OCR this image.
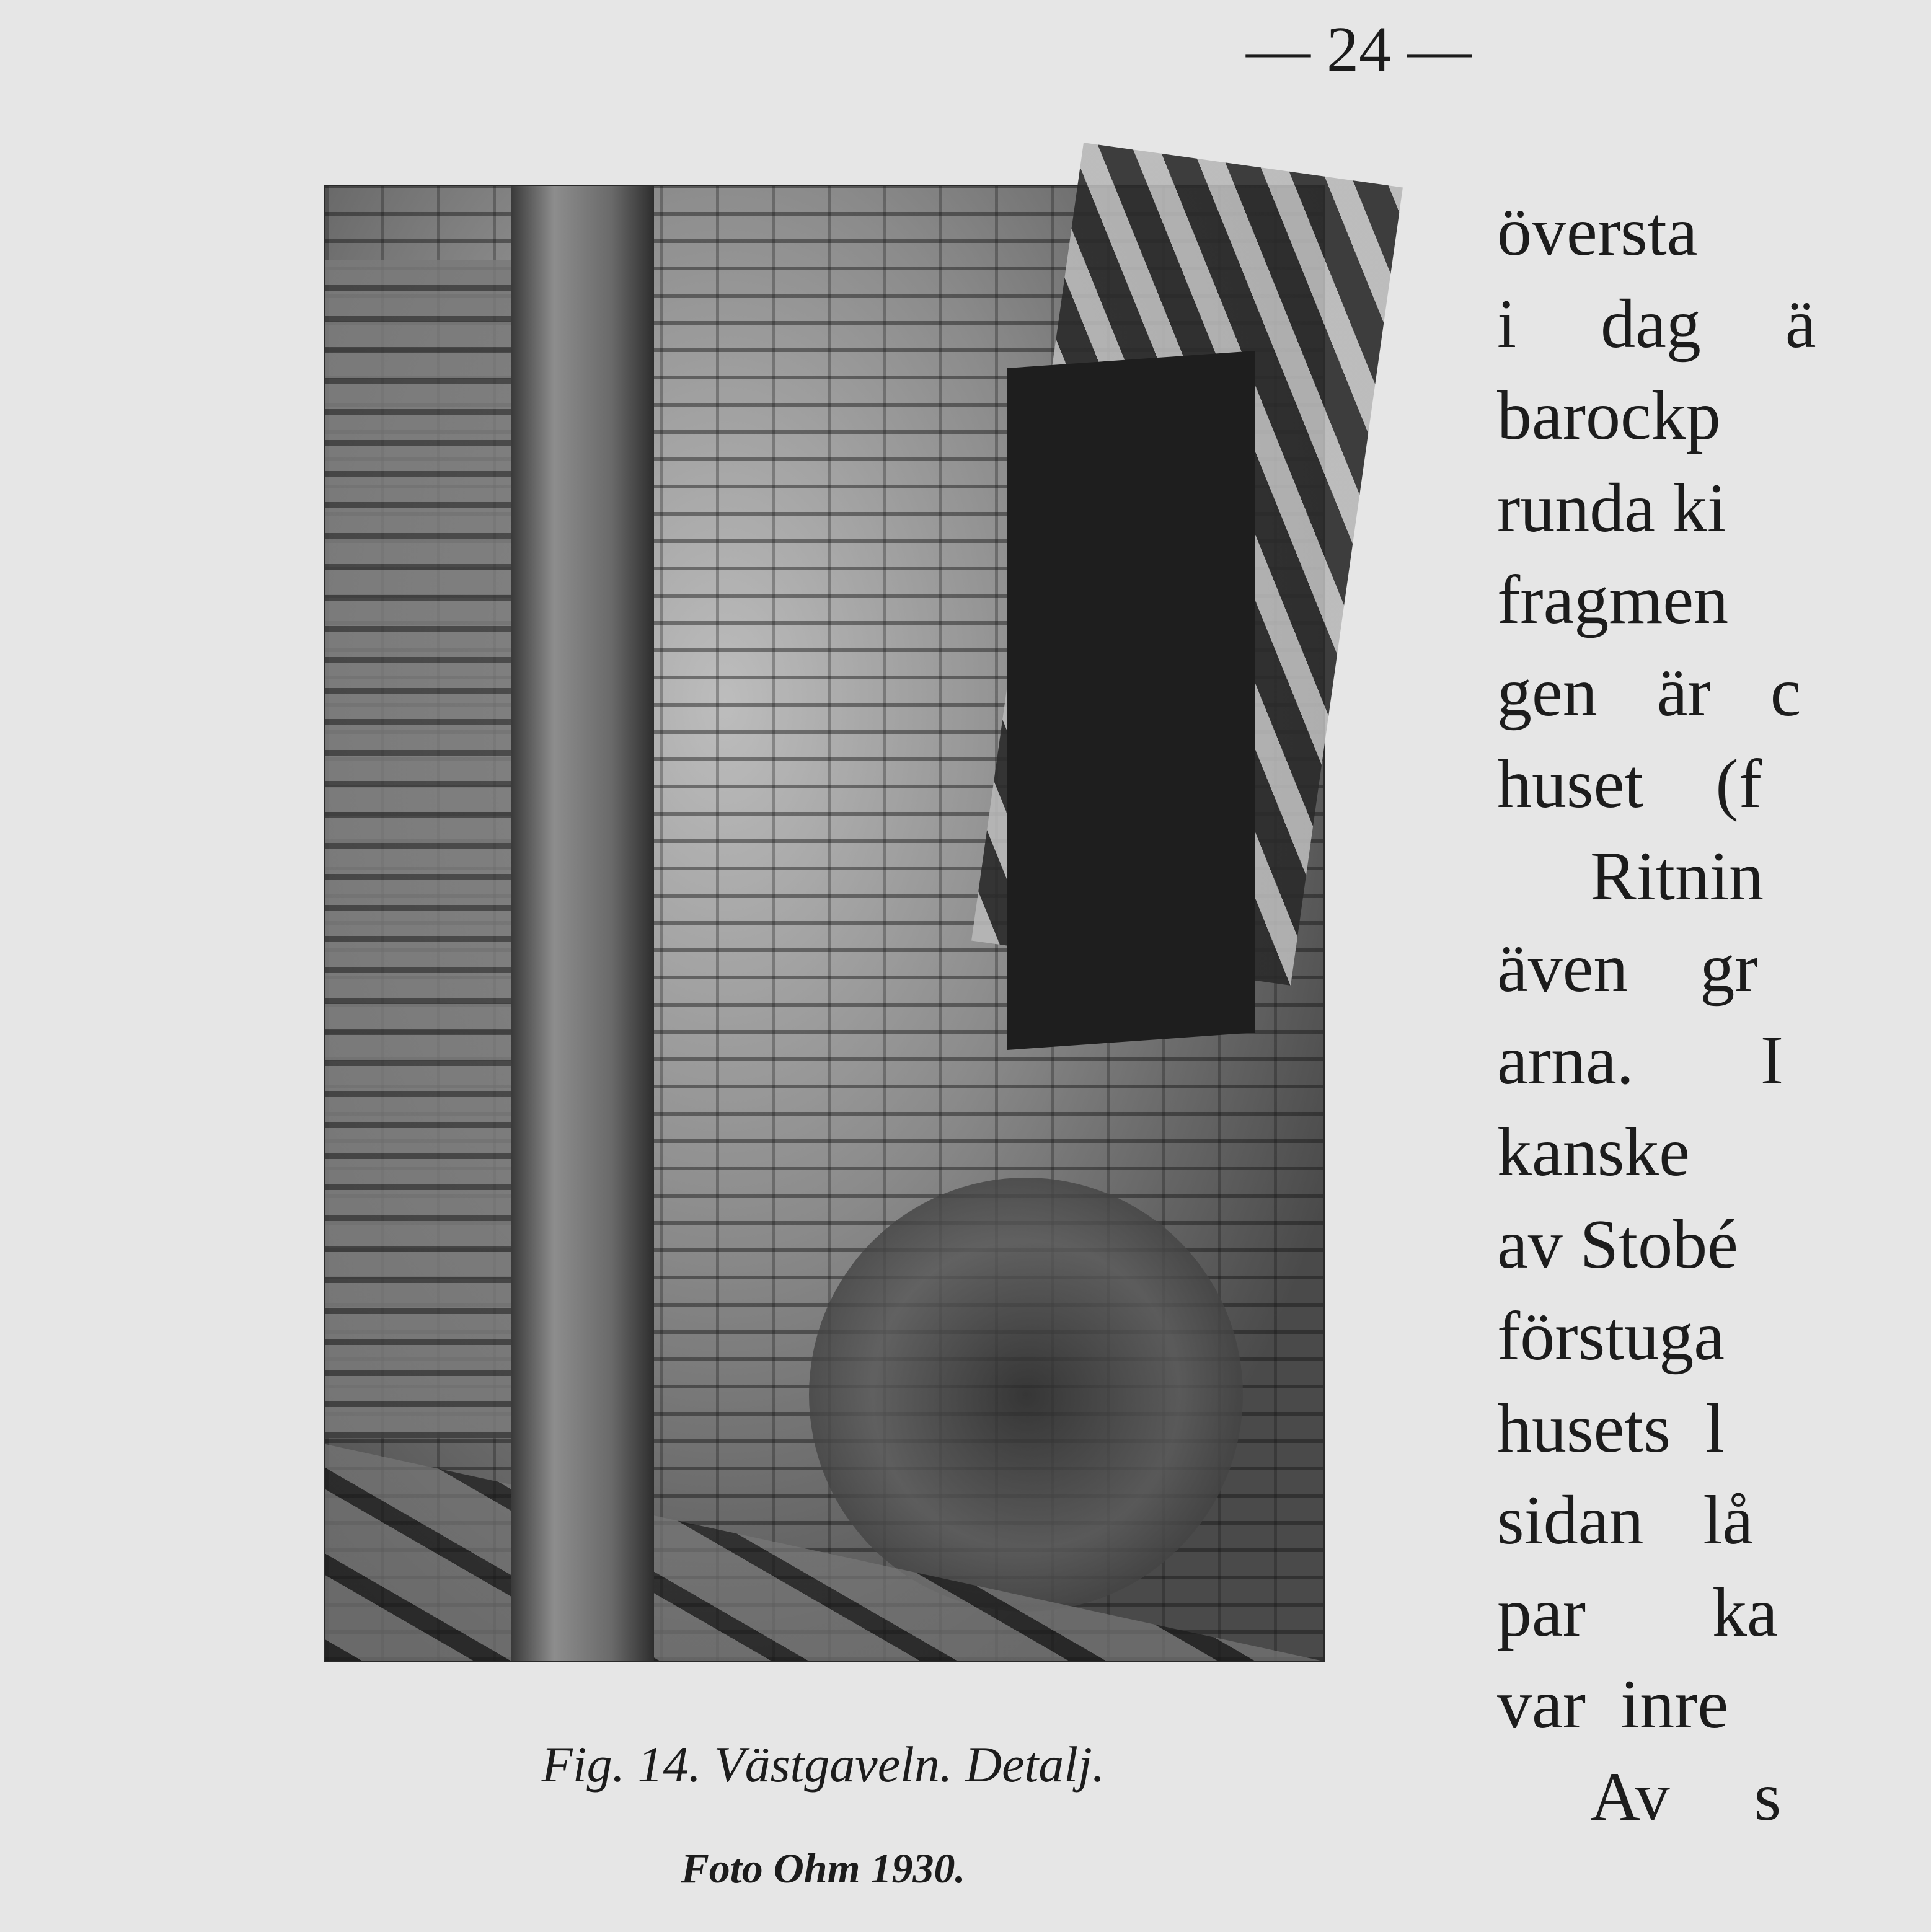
— 24 —
Fig. 14. Västgaveln. Detalj.
Foto Ohm 1930.
översta
i  dag  ä
barockp
runda ki
fragmen
gen  är  c
huset  (f
Ritnin
även  gr
arna.   I
kanske
av Stobé
förstuga
husets  l
sidan  lå
par   ka
var  inre
Av  s
